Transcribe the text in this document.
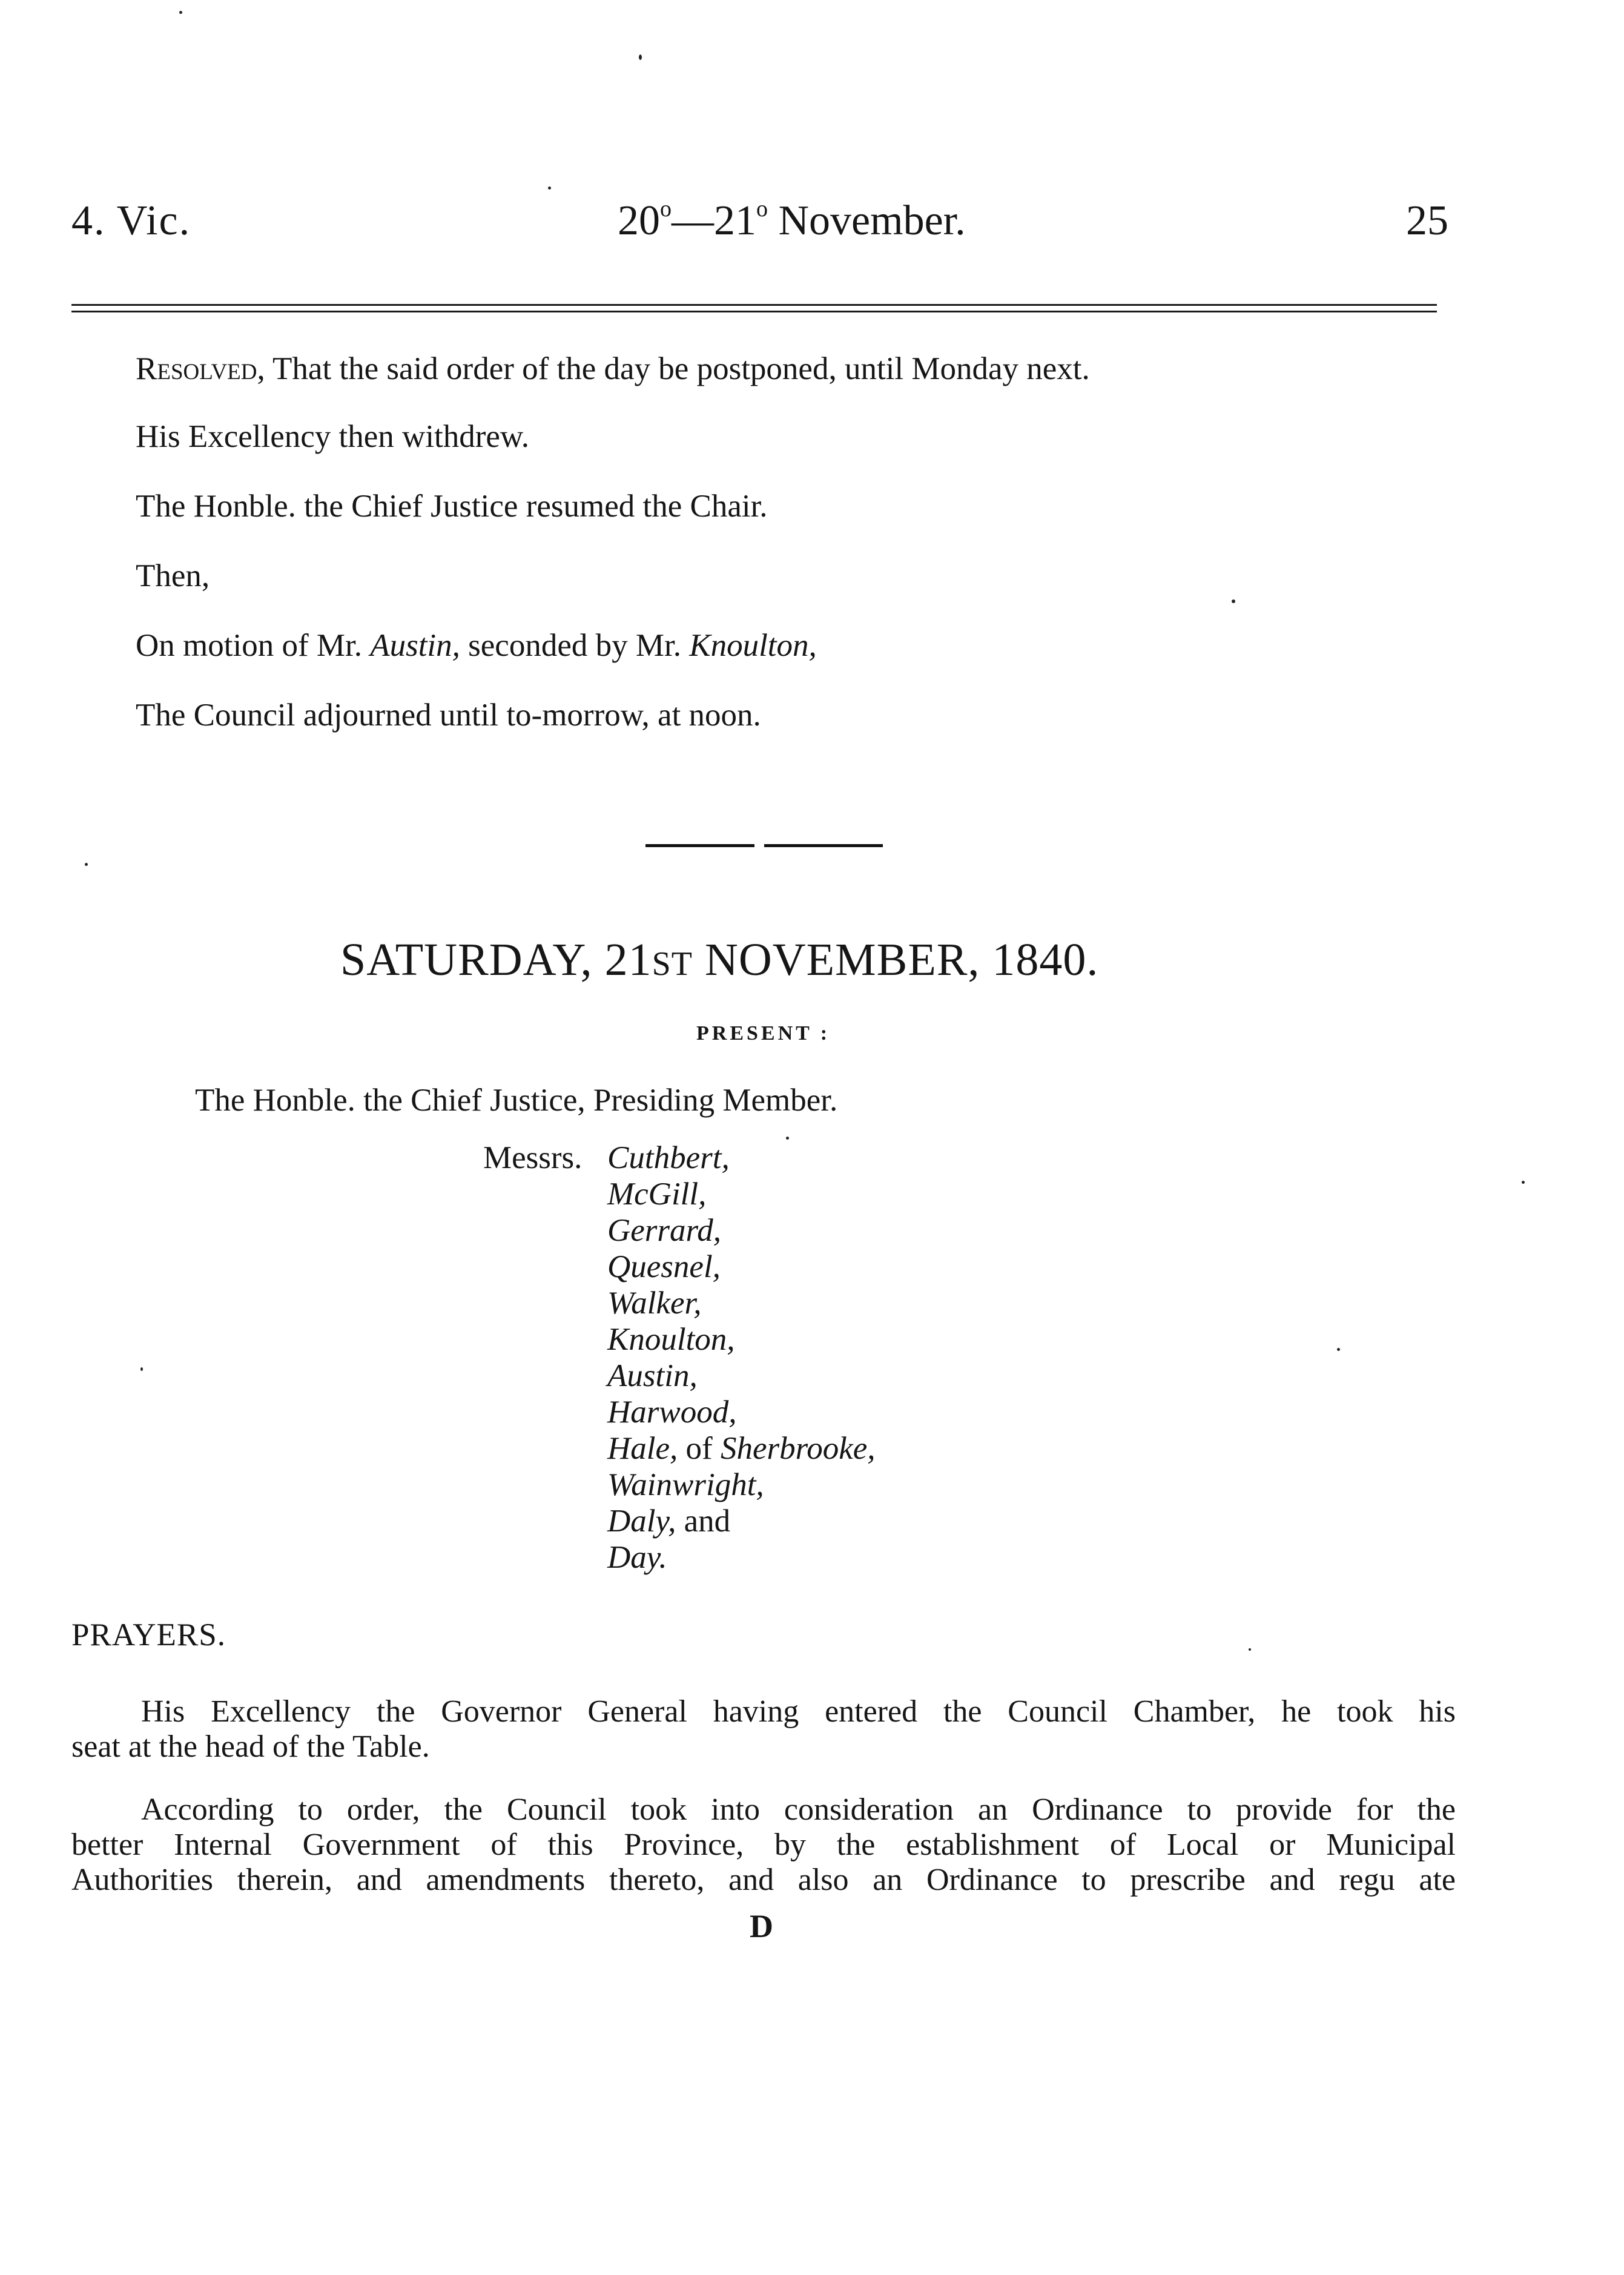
4. Vic.	20$^o$—21$^o$ November.	25
Resolved, That the said order of the day be postponed, until Monday next.
His Excellency then withdrew.
The Honble. the Chief Justice resumed the Chair.
Then,
On motion of Mr. Austin, seconded by Mr. Knoulton,
The Council adjourned until to-morrow, at noon.
SATURDAY, 21ST NOVEMBER, 1840.
PRESENT :
The Honble. the Chief Justice, Presiding Member.
Messrs. Cuthbert,
McGill,
Gerrard,
Quesnel,
Walker,
Knoulton,
Austin,
Harwood,
Hale, of Sherbrooke,
Wainwright,
Daly, and
Day.
PRAYERS.
His Excellency the Governor General having entered the Council Chamber, he took his
seat at the head of the Table.
According to order, the Council took into consideration an Ordinance to provide for the
better Internal Government of this Province, by the establishment of Local or Municipal
Authorities therein, and amendments thereto, and also an Ordinance to prescribe and regu ate
D
